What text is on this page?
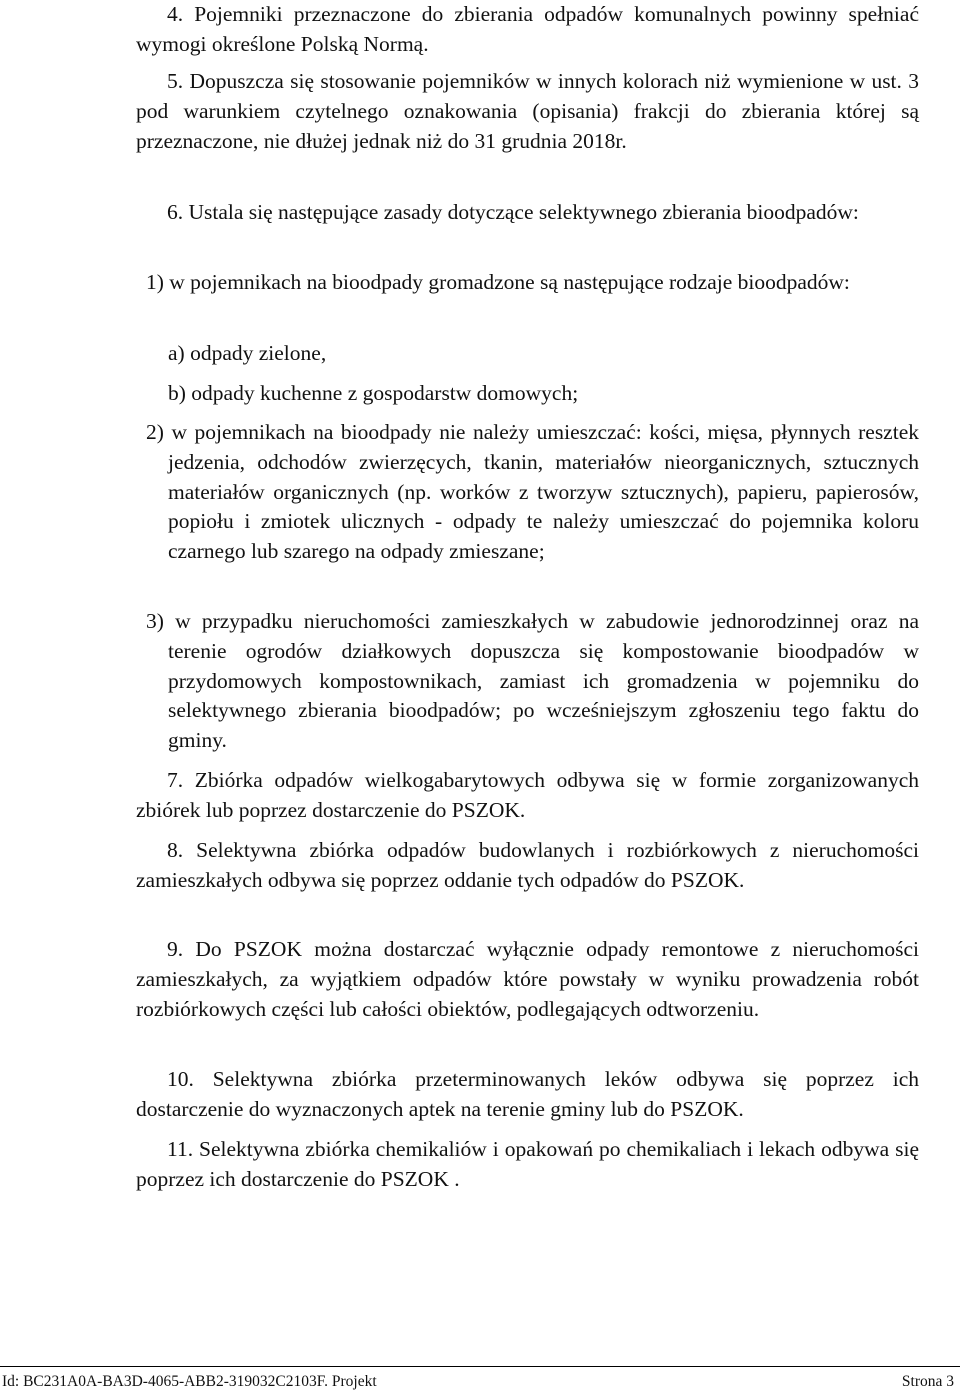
4. Pojemniki przeznaczone do zbierania odpadów komunalnych powinny spełniać wymogi określone Polską Normą.

5. Dopuszcza się stosowanie pojemników w innych kolorach niż wymienione w ust. 3 pod warunkiem czytelnego oznakowania (opisania) frakcji do zbierania której są przeznaczone, nie dłużej jednak niż do 31 grudnia 2018r.

6. Ustala się następujące zasady dotyczące selektywnego zbierania bioodpadów:

1) w pojemnikach na bioodpady gromadzone są następujące rodzaje bioodpadów:

a) odpady zielone,

b) odpady kuchenne z gospodarstw domowych;

2) w pojemnikach na bioodpady nie należy umieszczać: kości, mięsa, płynnych resztek jedzenia, odchodów zwierzęcych, tkanin, materiałów nieorganicznych, sztucznych materiałów organicznych (np. worków z tworzyw sztucznych), papieru, papierosów, popiołu i zmiotek ulicznych - odpady te należy umieszczać do pojemnika koloru czarnego lub szarego na odpady zmieszane;

3) w przypadku nieruchomości zamieszkałych w zabudowie jednorodzinnej oraz na terenie ogrodów działkowych dopuszcza się kompostowanie bioodpadów w przydomowych kompostownikach, zamiast ich gromadzenia w pojemniku do selektywnego zbierania bioodpadów; po wcześniejszym zgłoszeniu tego faktu do gminy.

7. Zbiórka odpadów wielkogabarytowych odbywa się w formie zorganizowanych zbiórek lub poprzez dostarczenie do PSZOK.

8. Selektywna zbiórka odpadów budowlanych i rozbiórkowych z nieruchomości zamieszkałych odbywa się poprzez oddanie tych odpadów do PSZOK.

9. Do PSZOK można dostarczać wyłącznie odpady remontowe z nieruchomości zamieszkałych, za wyjątkiem odpadów które powstały w wyniku prowadzenia robót rozbiórkowych części lub całości obiektów, podlegających odtworzeniu.

10. Selektywna zbiórka przeterminowanych leków odbywa się poprzez ich dostarczenie do wyznaczonych aptek na terenie gminy lub do PSZOK.

11. Selektywna zbiórka chemikaliów i opakowań po chemikaliach i lekach odbywa się poprzez ich dostarczenie do PSZOK .

Id: BC231A0A-BA3D-4065-ABB2-319032C2103F. Projekt	Strona 3
